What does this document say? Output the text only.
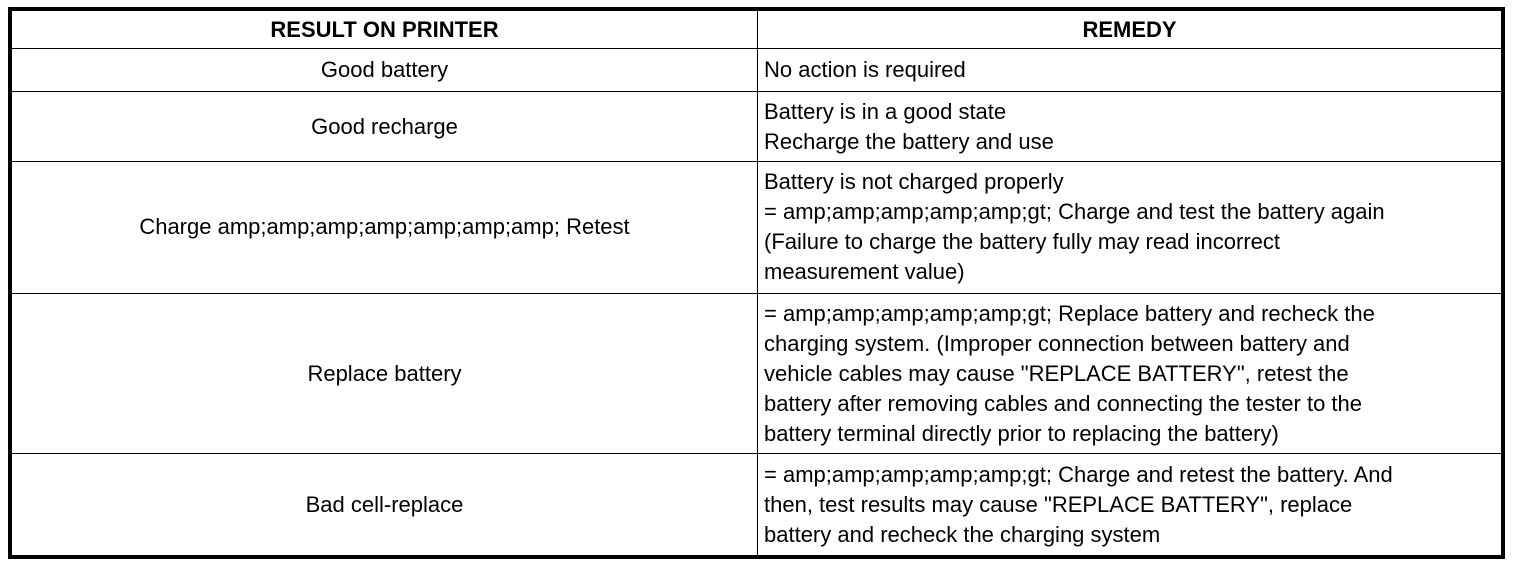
RESULT ON PRINTER	REMEDY
Good battery	No action is required
Good recharge	Battery is in a good state
Recharge the battery and use
Charge amp;amp;amp;amp;amp;amp;amp; Retest	Battery is not charged properly
= amp;amp;amp;amp;amp;gt; Charge and test the battery again
(Failure to charge the battery fully may read incorrect
measurement value)
Replace battery	= amp;amp;amp;amp;amp;gt; Replace battery and recheck the
charging system. (Improper connection between battery and
vehicle cables may cause "REPLACE BATTERY", retest the
battery after removing cables and connecting the tester to the
battery terminal directly prior to replacing the battery)
Bad cell-replace	= amp;amp;amp;amp;amp;gt; Charge and retest the battery. And
then, test results may cause "REPLACE BATTERY", replace
battery and recheck the charging system
